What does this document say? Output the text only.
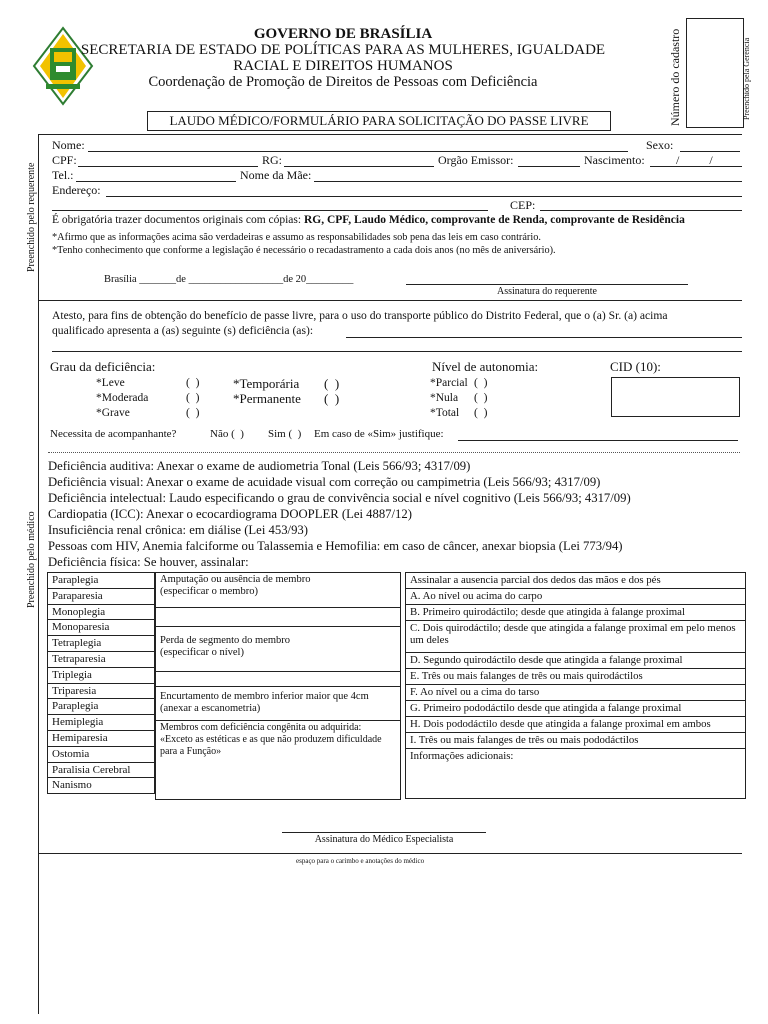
GOVERNO DE BRASÍLIA
SECRETARIA DE ESTADO DE POLÍTICAS PARA AS MULHERES, IGUALDADE
RACIAL E DIREITOS HUMANOS
Coordenação de Promoção de Direitos de Pessoas com Deficiência	Número do cadastro	Preenchido pela Gerência
LAUDO MÉDICO/FORMULÁRIO PARA SOLICITAÇÃO DO PASSE LIVRE
Preenchido pelo requerente
Preenchido pelo médico
Nome:	Sexo:
CPF:	RG:	Orgão Emissor:	Nascimento:	/          /
Tel.:	Nome da Mãe:
Endereço:
CEP:
É obrigatória trazer documentos originais com cópias: RG, CPF, Laudo Médico, comprovante de Renda, comprovante de Residência
*Afirmo que as informações acima são verdadeiras e assumo as responsabilidades sob pena das leis em caso contrário.
*Tenho conhecimento que conforme a legislação é necessário o recadastramento a cada dois anos (no mês de aniversário).
Brasília _______de __________________de 20_________
Assinatura do requerente
Atesto, para fins de obtenção do benefício de passe livre, para o uso do transporte público do Distrito Federal, que o (a) Sr. (a) acima
qualificado apresenta a (as) seguinte (s) deficiência (as):
Grau da deficiência:
*Leve	(  )
*Moderada	(  )
*Grave	(  )
*Temporária (  )
*Permanente (  )
Nível de autonomia:
*Parcial (  )
*Nula (  )
*Total (  )
CID (10):
Necessita de acompanhante?	Não (  ) Sim (  ) Em caso de «Sim» justifique:
Deficiência auditiva: Anexar o exame de audiometria Tonal (Leis 566/93; 4317/09)
Deficiência visual: Anexar o exame de acuidade visual com correção ou campimetria (Leis 566/93; 4317/09)
Deficiência intelectual: Laudo especificando o grau de convivência social e nível cognitivo (Leis 566/93; 4317/09)
Cardiopatia (ICC): Anexar o ecocardiograma DOOPLER (Lei 4887/12)
Insuficiência renal crônica: em diálise (Lei 453/93)
Pessoas com HIV, Anemia falciforme ou Talassemia e Hemofilia: em caso de câncer, anexar biopsia (Lei 773/94)
Deficiência física: Se houver, assinalar:
Paraplegia
Paraparesia
Monoplegia
Monoparesia
Tetraplegia
Tetraparesia
Triplegia
Triparesia
Paraplegia
Hemiplegia
Hemiparesia
Ostomia
Paralisia Cerebral
Nanismo
Amputação ou ausência de membro (especificar o membro)
Perda de segmento do membro (especificar o nível)
Encurtamento de membro inferior maior que 4cm (anexar a escanometria)
Membros com deficiência congênita ou adquirida: «Exceto as estéticas e as que não produzem dificuldade para a Função»
Assinalar a ausencia parcial dos dedos das mãos e dos pés
A. Ao nível ou acima do carpo
B. Primeiro quirodáctilo; desde que atingida à falange proximal
C. Dois quirodáctilo; desde que atingida a falange proximal em pelo menos um deles
D. Segundo quirodáctilo desde que atingida a falange proximal
E. Três ou mais falanges de três ou mais quirodáctilos
F. Ao nível ou a cima do tarso
G. Primeiro pododáctilo desde que atingida a falange proximal
H. Dois pododáctilo desde que atingida a falange proximal em ambos
I. Três ou mais falanges de três ou mais pododáctilos
Informações adicionais:
Assinatura do Médico Especialista
espaço para o carimbo e anotações do médico
